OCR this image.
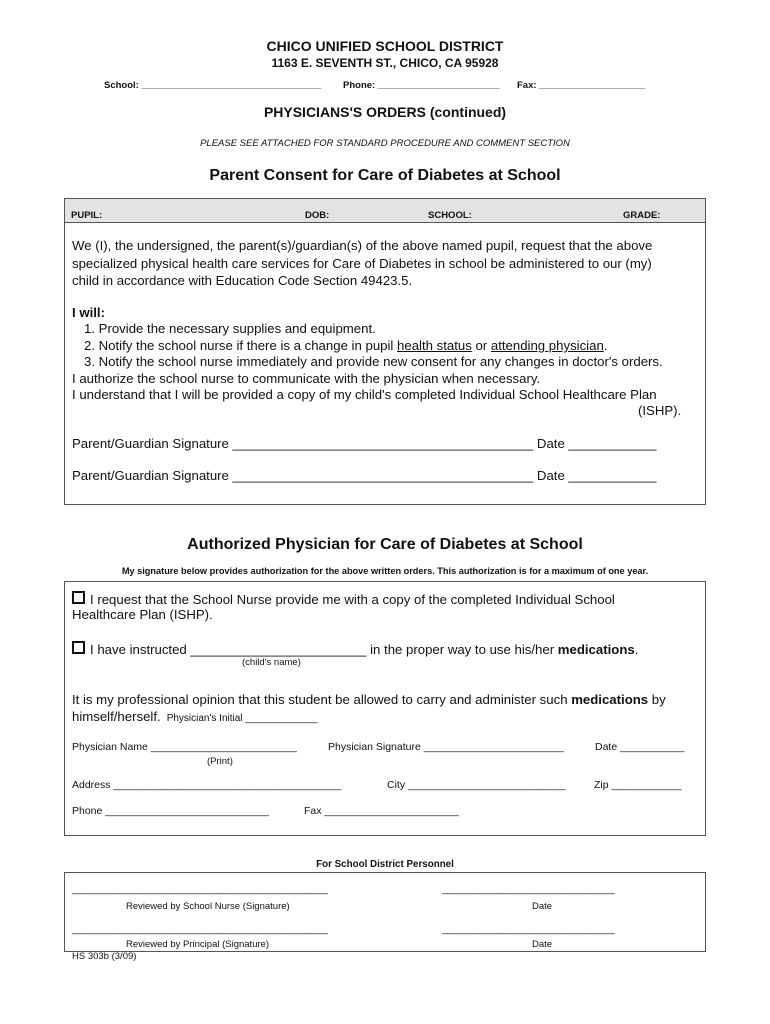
CHICO UNIFIED SCHOOL DISTRICT
1163 E. SEVENTH ST., CHICO, CA 95928
School: __________________________________ Phone: _______________________ Fax: ____________________
PHYSICIANS'S ORDERS (continued)
PLEASE SEE ATTACHED FOR STANDARD PROCEDURE AND COMMENT SECTION
Parent Consent for Care of Diabetes at School
PUPIL:	DOB:	SCHOOL:	GRADE:
We (I), the undersigned, the parent(s)/guardian(s) of the above named pupil, request that the above
specialized physical health care services for Care of Diabetes in school be administered to our (my)
child in accordance with Education Code Section 49423.5.
I will:
1. Provide the necessary supplies and equipment.
2. Notify the school nurse if there is a change in pupil health status or attending physician.
3. Notify the school nurse immediately and provide new consent for any changes in doctor's orders.
I authorize the school nurse to communicate with the physician when necessary.
I understand that I will be provided a copy of my child's completed Individual School Healthcare Plan
(ISHP).
Parent/Guardian Signature _________________________________________ Date ____________
Parent/Guardian Signature _________________________________________ Date ____________
Authorized Physician for Care of Diabetes at School
My signature below provides authorization for the above written orders. This authorization is for a maximum of one year.
I request that the School Nurse provide me with a copy of the completed Individual School
Healthcare Plan (ISHP).
I have instructed ________________________ in the proper way to use his/her medications.
(child's name)
It is my professional opinion that this student be allowed to carry and administer such medications by
himself/herself. Physician's Initial _____________
Physician Name _________________________	Physician Signature ________________________	Date ___________
(Print)
Address _______________________________________	City ___________________________	Zip ____________
Phone ____________________________	Fax _______________________
For School District Personnel
______________________________________________	_______________________________
Reviewed by School Nurse (Signature)	Date
______________________________________________	_______________________________
Reviewed by Principal (Signature)	Date
HS 303b (3/09)
